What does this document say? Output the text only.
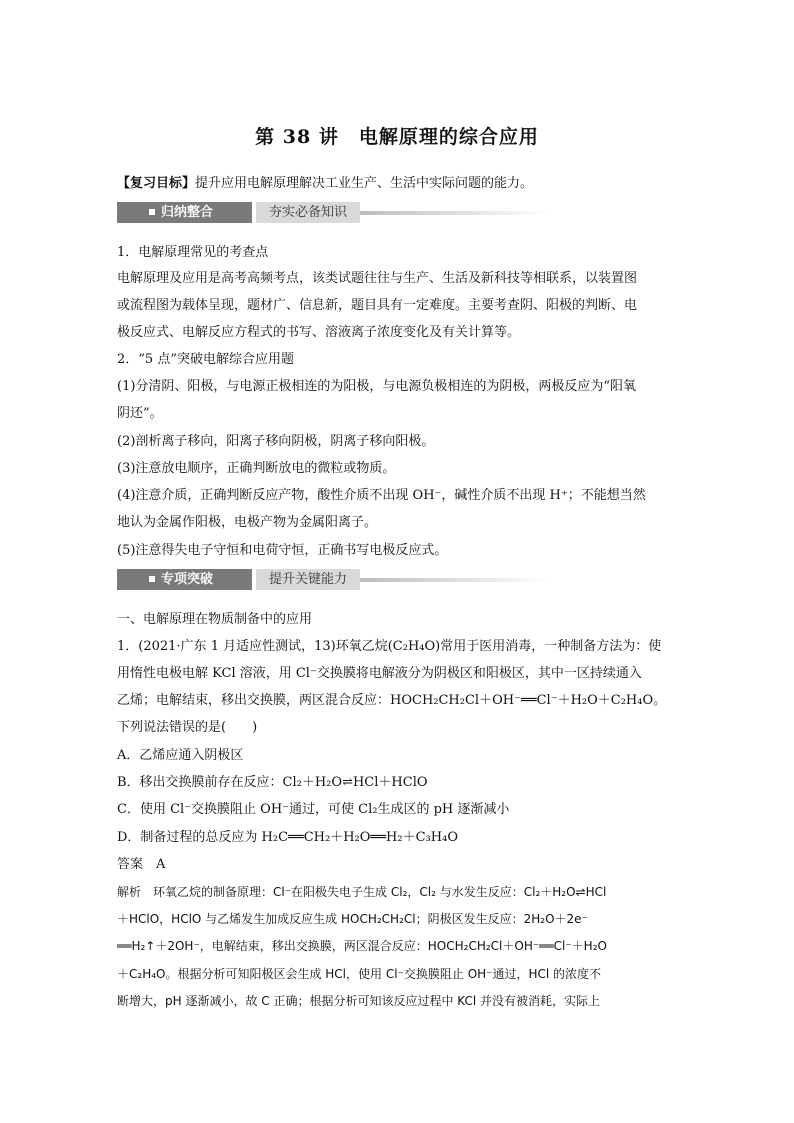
第 38 讲　电解原理的综合应用
【复习目标】提升应用电解原理解决工业生产、生活中实际问题的能力。
归纳整合	夯实必备知识
1．电解原理常见的考查点
电解原理及应用是高考高频考点，该类试题往往与生产、生活及新科技等相联系，以装置图
或流程图为载体呈现，题材广、信息新，题目具有一定难度。主要考查阴、阳极的判断、电
极反应式、电解反应方程式的书写、溶液离子浓度变化及有关计算等。
2．“5 点”突破电解综合应用题
(1)分清阴、阳极，与电源正极相连的为阳极，与电源负极相连的为阴极，两极反应为“阳氧
阴还”。
(2)剖析离子移向，阳离子移向阴极，阴离子移向阳极。
(3)注意放电顺序，正确判断放电的微粒或物质。
(4)注意介质，正确判断反应产物，酸性介质不出现 OH⁻，碱性介质不出现 H⁺；不能想当然
地认为金属作阳极，电极产物为金属阳离子。
(5)注意得失电子守恒和电荷守恒，正确书写电极反应式。
专项突破	提升关键能力
一、电解原理在物质制备中的应用
1．(2021·广东 1 月适应性测试，13)环氧乙烷(C₂H₄O)常用于医用消毒，一种制备方法为：使
用惰性电极电解 KCl 溶液，用 Cl⁻交换膜将电解液分为阴极区和阳极区，其中一区持续通入
乙烯；电解结束，移出交换膜，两区混合反应：HOCH₂CH₂Cl＋OH⁻══Cl⁻＋H₂O＋C₂H₄O。
下列说法错误的是(　　)
A．乙烯应通入阴极区
B．移出交换膜前存在反应：Cl₂＋H₂O⇌HCl＋HClO
C．使用 Cl⁻交换膜阻止 OH⁻通过，可使 Cl₂生成区的 pH 逐渐减小
D．制备过程的总反应为 H₂C══CH₂＋H₂O══H₂＋C₃H₄O
答案　A
解析　环氧乙烷的制备原理：Cl⁻在阳极失电子生成 Cl₂，Cl₂ 与水发生反应：Cl₂＋H₂O⇌HCl
＋HClO，HClO 与乙烯发生加成反应生成 HOCH₂CH₂Cl；阴极区发生反应：2H₂O＋2e⁻
══H₂↑＋2OH⁻，电解结束，移出交换膜，两区混合反应：HOCH₂CH₂Cl＋OH⁻══Cl⁻＋H₂O
＋C₂H₄O。根据分析可知阳极区会生成 HCl，使用 Cl⁻交换膜阻止 OH⁻通过，HCl 的浓度不
断增大，pH 逐渐减小，故 C 正确；根据分析可知该反应过程中 KCl 并没有被消耗，实际上
